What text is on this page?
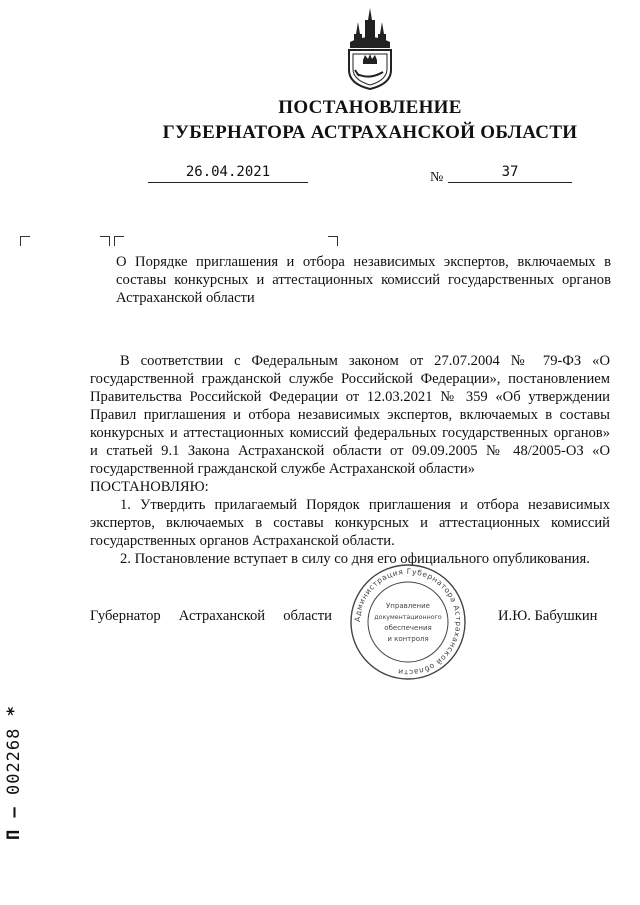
ПОСТАНОВЛЕНИЕ
ГУБЕРНАТОРА АСТРАХАНСКОЙ ОБЛАСТИ
26.04.2021	№	37
О Порядке приглашения и отбора независимых экспертов, включаемых в составы конкурсных и аттестационных комиссий государственных органов Астраханской области

В соответствии с Федеральным законом от 27.07.2004 № 79-ФЗ «О государственной гражданской службе Российской Федерации», постановлением Правительства Российской Федерации от 12.03.2021 № 359 «Об утверждении Правил приглашения и отбора независимых экспертов, включаемых в составы конкурсных и аттестационных комиссий федеральных государственных органов» и статьей 9.1 Закона Астраханской области от 09.09.2005 № 48/2005-ОЗ «О государственной гражданской службе Астраханской области»

ПОСТАНОВЛЯЮ:

1. Утвердить прилагаемый Порядок приглашения и отбора независимых экспертов, включаемых в составы конкурсных и аттестационных комиссий государственных органов Астраханской области.

2. Постановление вступает в силу со дня его официального опубликования.

Губернатор Астраханской области	И.Ю. Бабушкин
Администрация Губернатора Астраханской области
Управление
документационного
обеспечения
и контроля
П – 002268 *
